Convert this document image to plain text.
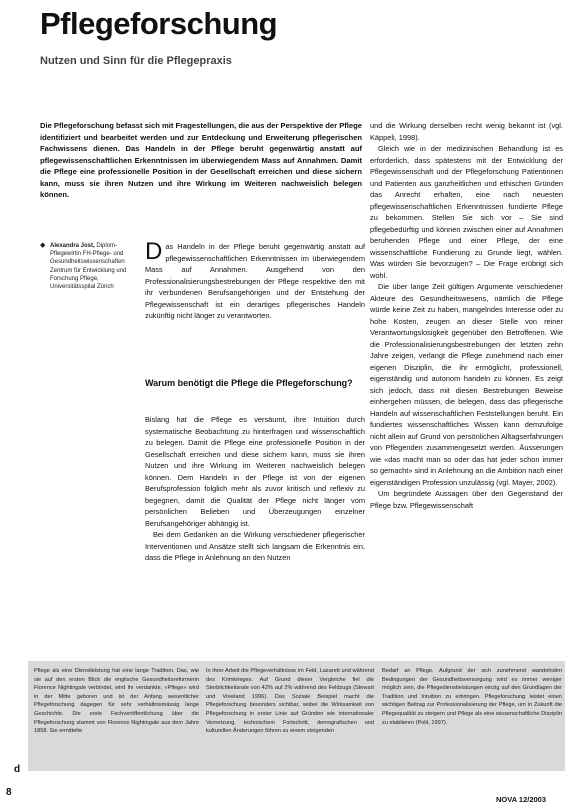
Pflegeforschung
Nutzen und Sinn für die Pflegepraxis
Die Pflegeforschung befasst sich mit Fragestellungen, die aus der Perspektive der Pflege identifiziert und bearbeitet werden und zur Entdeckung und Erweiterung pflegerischen Fachwissens dienen. Das Handeln in der Pflege beruht gegenwärtig anstatt auf pflegewissenschaftlichen Erkenntnissen im überwiegendem Mass auf Annahmen. Damit die Pflege eine professionelle Position in der Gesellschaft erreichen und diese sichern kann, muss sie ihren Nutzen und ihre Wirkung im Weiteren nachweislich belegen können.
◆ Alexandra Jost, Diplom-Pflegewirtin FH-Pflege- und Gesundheitswissenschaften Zentrum für Entwicklung und Forschung Pflege, Universitätsspital Zürich
Das Handeln in der Pflege beruht gegenwärtig anstatt auf pflegewissenschaftlichen Erkenntnissen im überwiegendem Mass auf Annahmen. Ausgehend von den Professionalisierungsbestrebungen der Pflege respektive den mit ihr verbundenen Berufsangehörigen und der Entstehung der Pflegewissenschaft ist ein derartiges pflegerisches Handeln zukünftig nicht länger zu verantworten.
Warum benötigt die Pflege die Pflegeforschung?

Bislang hat die Pflege es versäumt, ihre Intuition durch systematische Beobachtung zu hinterfragen und wissenschaftlich zu belegen. Damit die Pflege eine professionelle Position in der Gesellschaft erreichen und diese sichern kann, muss sie ihren Nutzen und ihre Wirkung im Weiteren nachweislich belegen können. Dem Handeln in der Pflege ist von der eigenen Berufsprofession folglich mehr als zuvor kritisch und reflexiv zu begegnen, damit die Qualität der Pflege nicht länger vom persönlichen Belieben und Überzeugungen einzelner Berufsangehöriger abhängig ist.

Bei dem Gedanken an die Wirkung verschiedener pflegerischer Interventionen und Ansätze stellt sich langsam die Erkenntnis ein, dass die Pflege in Anlehnung an den Nutzen

und die Wirkung derselben recht wenig bekannt ist (vgl. Käppeli, 1998).

Gleich wie in der medizinischen Behandlung ist es erforderlich, dass spätestens mit der Entwicklung der Pflegewissenschaft und der Pflegeforschung Patientinnen und Patienten aus ganzheitlichen und ethischen Gründen das Anrecht erhalten, eine nach neuesten pflegewissenschaftlichen Erkenntnissen fundierte Pflege zu bekommen. Stellen Sie sich vor – Sie sind pflegebedürftig und können zwischen einer auf Annahmen beruhenden Pflege und einer Pflege, der eine wissenschaftliche Fundierung zu Grunde liegt, wählen. Was würden Sie bevorzugen? – Die Frage erübrigt sich wohl.

Die über lange Zeit gültigen Argumente verschiedener Akteure des Gesundheitswesens, nämlich die Pflege würde keine Zeit zu haben, mangelndes Interesse oder zu hohe Kosten, zeugen an dieser Stelle von reiner Verantwortungslosigkeit gegenüber den Betroffenen. Wie die Professionalisierungsbestrebungen der letzten zehn Jahre zeigen, verlangt die Pflege zunehmend nach einer eigenen Disziplin, die ihr ermöglicht, professionell, eigenständig und autonom handeln zu können. Es zeigt sich jedoch, dass mit diesen Bestrebungen Beweise einhergehen müssen, die belegen, dass das pflegerische Handeln auf wissenschaftlichen Feststellungen beruht. Ein fundiertes wissenschaftliches Wissen kann demzufolge nicht allein auf Grund von persönlichen Alltagserfahrungen von Pflegenden zusammengesetzt werden. Äusserungen wie «das macht man so oder das hat jeder schon immer so gemacht» sind in Anlehnung an die Ambition nach einer eigenständigen Profession unzulässig (vgl. Mayer, 2002).

Um begründete Aussagen über den Gegenstand der Pflege bzw. Pflegewissenschaft

Pflege als eine Dienstleistung hat eine lange Tradition. Das, wie sie auf den ersten Blick die englische Gesundheitsreformerin Florence Nightingale verbindet, wird ihr verdankte, «Pflege» wird in der Mitte geboren und ist der Anfang wesentlicher Pflegeforschung dagegen für sehr verhältnismässig lange Geschichte. Die erste Fachveröffentlichung über die Pflegeforschung stammt von Florence Nightingale aus dem Jahre 1858. Sie ermittelte
In ihrer Arbeit die Pflegeverhältnisse im Feld, Lazarett und während des Krimkrieges. Auf Grund dieser Vergleiche fiel die Sterblichkeitsrate von 42% auf 2% während des Feldzugs (Stewart und Vreeland 1996). Das Soziale Beispiel macht die Pflegeforschung besonders sichtbar, wobei die Wirksamkeit von Pflegeforschung in erster Linie auf Gründen wie internationaler Vernetzung, technischem Fortschritt, demografischen und kulturellen Änderungen führen zu einem steigenden
Bedarf an Pflege. Aufgrund der sich zunehmend wandelnden Bedingungen der Gesundheitsversorgung wird es immer weniger möglich sein, die Pflegedienstleistungen einzig auf den Grundlagen der Tradition und Intuition zu erbringen. Pflegeforschung leistet einen wichtigen Beitrag zur Professionalisierung der Pflege, um in Zukunft die Pflegequalität zu steigern und Pflege als eine wissenschaftliche Disziplin zu etablieren (Polit, 1997).
d
8
NOVA 12/2003
